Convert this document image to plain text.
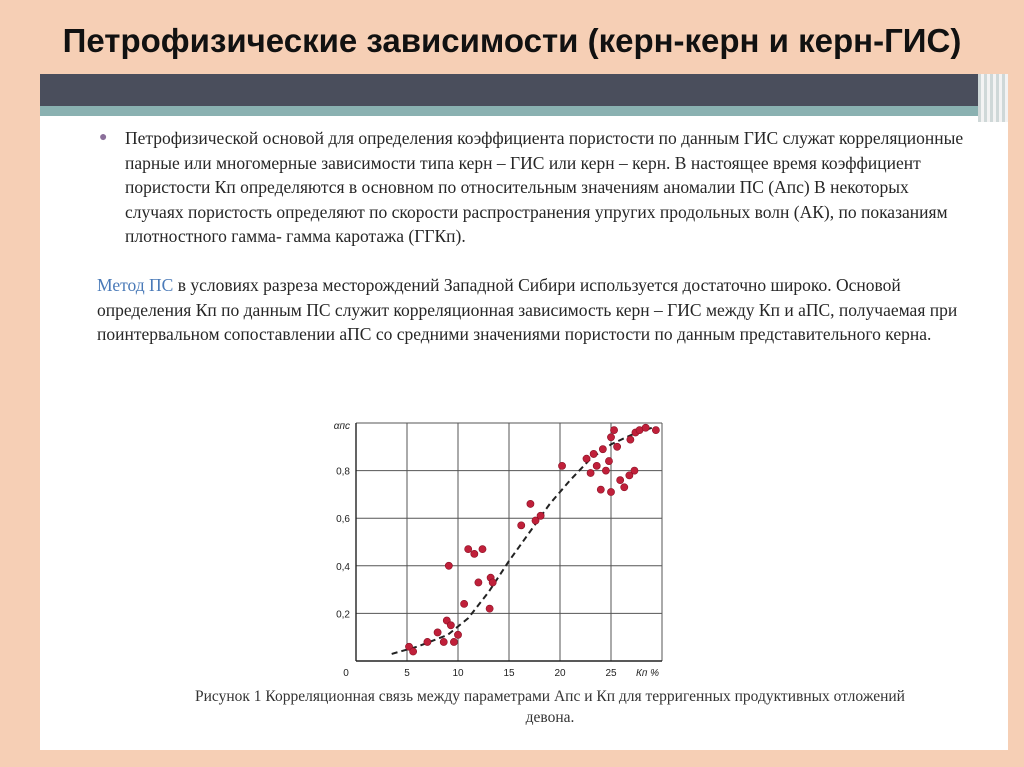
Петрофизические зависимости (керн-керн и керн-ГИС)
● Петрофизической основой для определения коэффициента пористости по данным ГИС служат корреляционные парные или многомерные зависимости типа керн – ГИС или керн – керн. В настоящее время коэффициент пористости Кп определяются в основном по относительным значениям аномалии ПС (Апс) В некоторых случаях пористость определяют по скорости распространения упругих продольных волн (АК), по показаниям плотностного гамма- гамма каротажа (ГГКп).
Метод ПС в условиях разреза месторождений Западной Сибири используется достаточно широко. Основой определения Кп по данным ПС служит корреляционная зависимость керн – ГИС между Кп и аПС, получаемая при поинтервальном сопоставлении аПС со средними значениями пористости по данным представительного керна.
0	5	10	15	20	25
0,2
0,4
0,6
0,8
αпс
Кп %
Рисунок 1 Корреляционная связь между параметрами Апс и Кп для терригенных продуктивных отложений девона.
